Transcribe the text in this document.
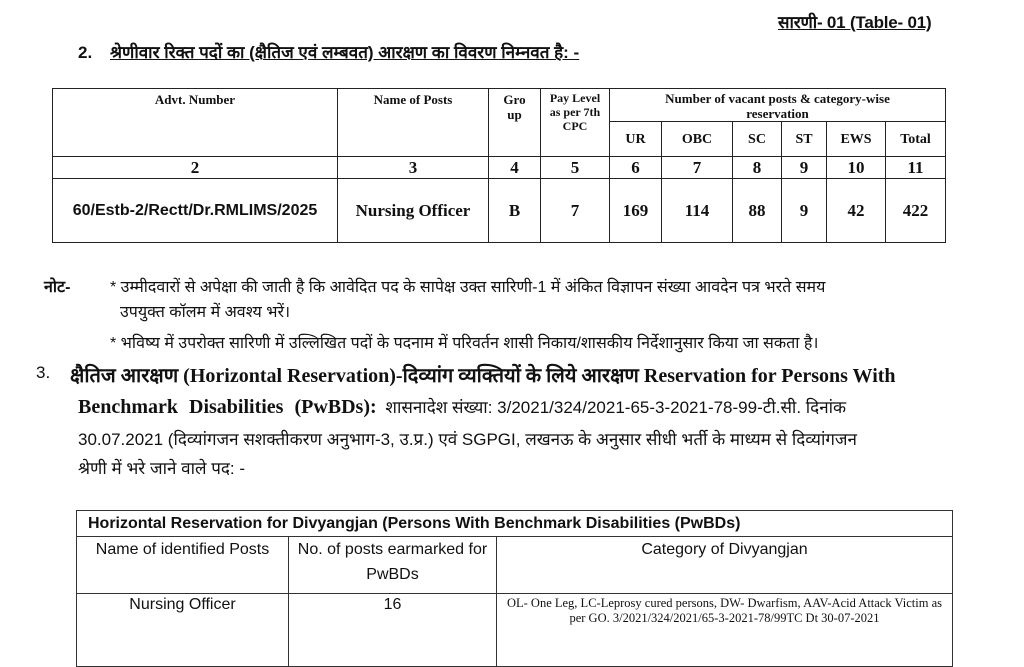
सारणी- 01 (Table- 01)
2. श्रेणीवार रिक्त पदों का (क्षैतिज एवं लम्बवत) आरक्षण का विवरण निम्नवत है: -
Advt. Number	Name of Posts	Gro up	Pay Level as per 7th CPC	Number of vacant posts & category-wise reservation					
				UR	OBC	SC	ST	EWS	Total
2	3	4	5	6	7	8	9	10	11
60/Estb-2/Rectt/Dr.RMLIMS/2025	Nursing Officer	B	7	169	114	88	9	42	422
नोट- * उम्मीदवारों से अपेक्षा की जाती है कि आवेदित पद के सापेक्ष उक्त सारिणी-1 में अंकित विज्ञापन संख्या आवदेन पत्र भरते समय
उपयुक्त कॉलम में अवश्य भरें।
* भविष्य में उपरोक्त सारिणी में उल्लिखित पदों के पदनाम में परिवर्तन शासी निकाय/शासकीय निर्देशानुसार किया जा सकता है।
3. क्षैतिज आरक्षण (Horizontal Reservation)-दिव्यांग व्यक्तियों के लिये आरक्षण Reservation for Persons With
Benchmark Disabilities (PwBDs): शासनादेश संख्या: 3/2021/324/2021-65-3-2021-78-99-टी.सी. दिनांक
30.07.2021 (दिव्यांगजन सशक्तीकरण अनुभाग-3, उ.प्र.) एवं SGPGI, लखनऊ के अनुसार सीधी भर्ती के माध्यम से दिव्यांगजन
श्रेणी में भरे जाने वाले पद: -
Horizontal Reservation for Divyangjan (Persons With Benchmark Disabilities (PwBDs)		
Name of identified Posts	No. of posts earmarked for PwBDs	Category of Divyangjan
Nursing Officer	16	OL- One Leg, LC-Leprosy cured persons, DW- Dwarfism, AAV-Acid Attack Victim as per GO. 3/2021/324/2021/65-3-2021-78/99TC Dt 30-07-2021
